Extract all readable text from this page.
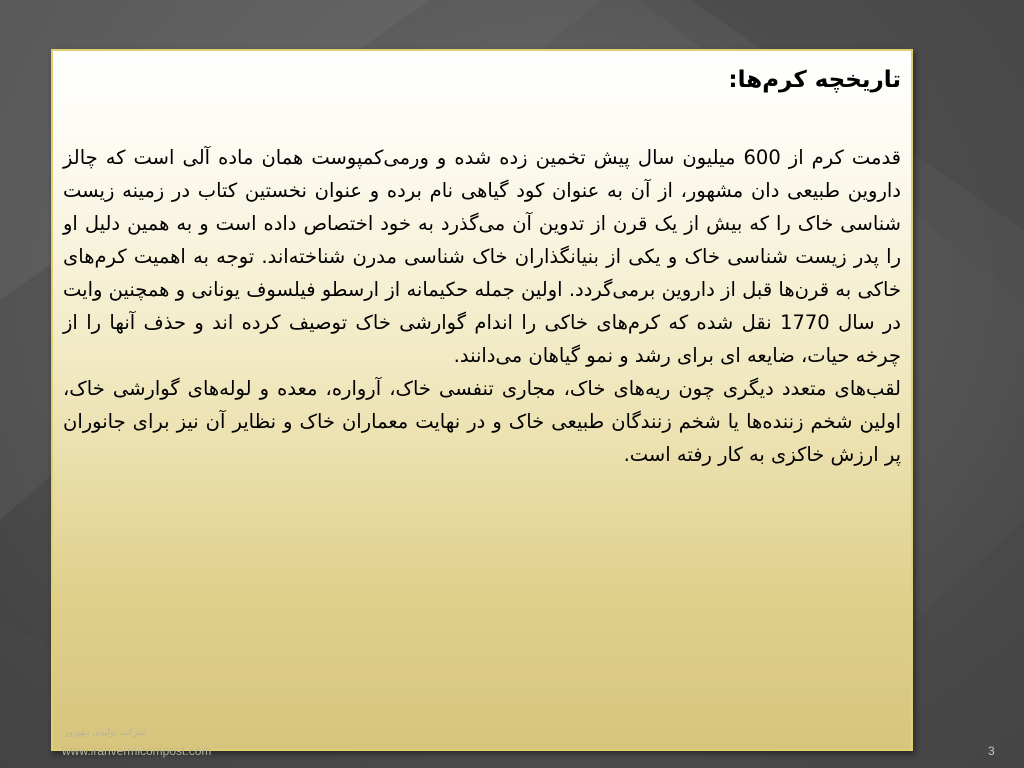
تاریخچه کرم‌ها:

قدمت کرم از 600 میلیون سال پیش تخمین زده شده و ورمی‌کمپوست همان ماده آلی است که چالز داروین طبیعی دان مشهور، از آن به عنوان کود گیاهی نام برده و عنوان نخستین کتاب در زمینه زیست شناسی خاک را که بیش از یک قرن از تدوین آن می‌گذرد به خود اختصاص داده است و به همین دلیل او را پدر زیست شناسی خاک و یکی از بنیانگذاران خاک شناسی مدرن شناخته‌اند. توجه به اهمیت کرم‌های خاکی به قرن‌ها قبل از داروین برمی‌گردد. اولین جمله حکیمانه از ارسطو فیلسوف یونانی و همچنین وایت در سال 1770 نقل شده که کرم‌های خاکی را اندام گوارشی خاک توصیف کرده اند و حذف آنها را از چرخه حیات، ضایعه ای برای رشد و نمو گیاهان می‌دانند.

لقب‌های متعدد دیگری چون ریه‌های خاک، مجاری تنفسی خاک، آرواره، معده و لوله‌های گوارشی خاک، اولین شخم زننده‌ها یا شخم زنندگان طبیعی خاک و در نهایت معماران خاک و نظایر آن نیز برای جانوران پر ارزش خاکزی به کار رفته است.

شرکت تولیدی بـهپرور
www.iranvermicompost.com	3
